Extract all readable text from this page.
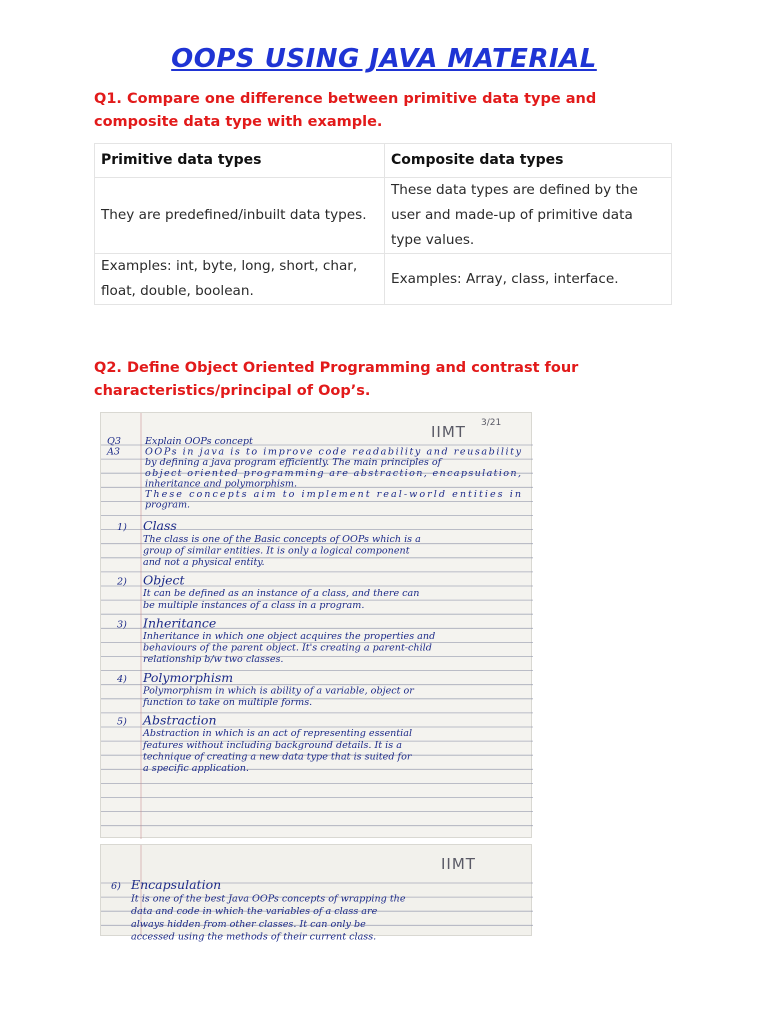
OOPS USING JAVA MATERIAL
Q1. Compare one difference between primitive data type and composite data type with example.
Primitive data types	Composite data types
They are predefined/inbuilt data types.	These data types are defined by the user and made-up of primitive data type values.
Examples: int, byte, long, short, char, float, double, boolean.	Examples: Array, class, interface.
Q2. Define Object Oriented Programming and contrast four characteristics/principal of Oop’s.
IIMT 3/21
Q3	Explain OOPs concept
A3	OOPs in java is to improve code readability and reusability
by defining a java program efficiently. The main principles of
object oriented programming are abstraction, encapsulation,
inheritance and polymorphism.
These concepts aim to implement real-world entities in
program.
1) Class
The class is one of the Basic concepts of OOPs which is a
group of similar entities. It is only a logical component
and not a physical entity.
2) Object
It can be defined as an instance of a class, and there can
be multiple instances of a class in a program.
3) Inheritance
Inheritance in which one object acquires the properties and
behaviours of the parent object. It's creating a parent-child
relationship b/w two classes.
4) Polymorphism
Polymorphism in which is ability of a variable, object or
function to take on multiple forms.
5) Abstraction
Abstraction in which is an act of representing essential
features without including background details. It is a
technique of creating a new data type that is suited for
a specific application.
IIMT
6) Encapsulation
It is one of the best Java OOPs concepts of wrapping the
data and code in which the variables of a class are
always hidden from other classes. It can only be
accessed using the methods of their current class.
